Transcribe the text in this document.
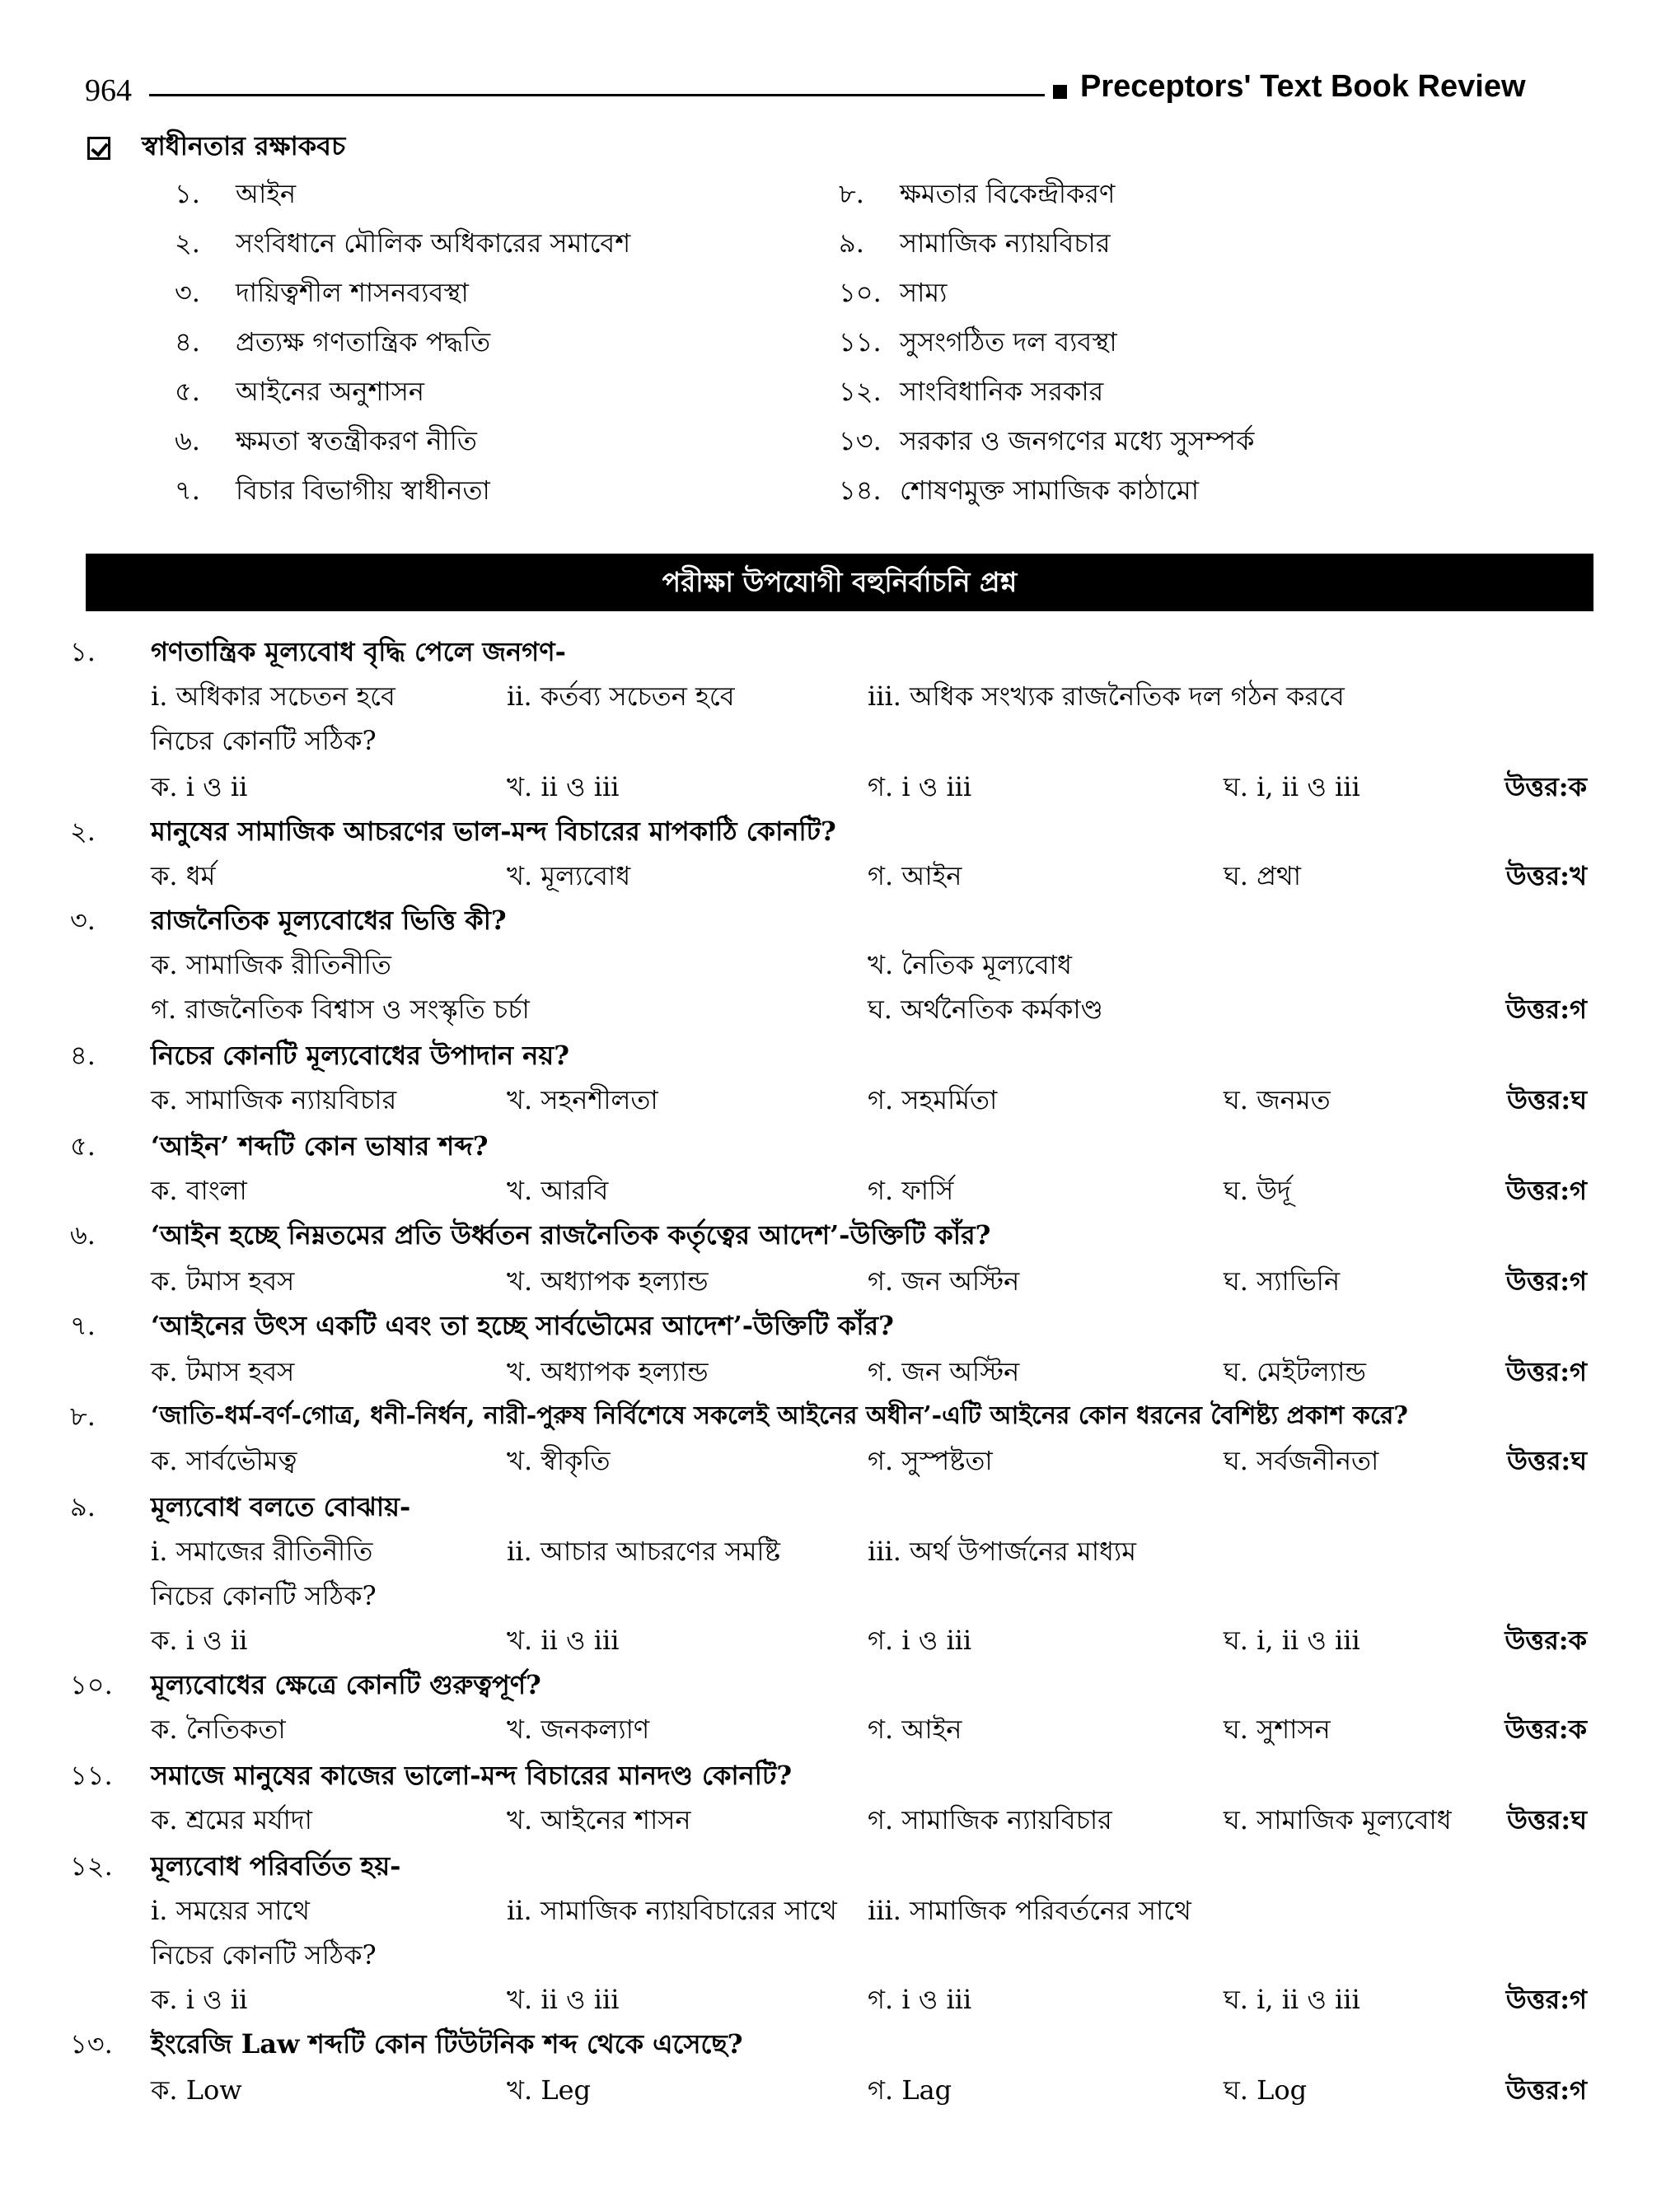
964	Preceptors' Text Book Review
স্বাধীনতার রক্ষাকবচ
১.	আইন
২.	সংবিধানে মৌলিক অধিকারের সমাবেশ
৩.	দায়িত্বশীল শাসনব্যবস্থা
৪.	প্রত্যক্ষ গণতান্ত্রিক পদ্ধতি
৫.	আইনের অনুশাসন
৬.	ক্ষমতা স্বতন্ত্রীকরণ নীতি
৭.	বিচার বিভাগীয় স্বাধীনতা
৮.	ক্ষমতার বিকেন্দ্রীকরণ
৯.	সামাজিক ন্যায়বিচার
১০. সাম্য
১১. সুসংগঠিত দল ব্যবস্থা
১২. সাংবিধানিক সরকার
১৩. সরকার ও জনগণের মধ্যে সুসম্পর্ক
১৪. শোষণমুক্ত সামাজিক কাঠামো
পরীক্ষা উপযোগী বহুনির্বাচনি প্রশ্ন
১. গণতান্ত্রিক মূল্যবোধ বৃদ্ধি পেলে জনগণ-
i. অধিকার সচেতন হবে	ii. কর্তব্য সচেতন হবে	iii. অধিক সংখ্যক রাজনৈতিক দল গঠন করবে
নিচের কোনটি সঠিক?
ক. i ও ii	খ. ii ও iii	গ. i ও iii	ঘ. i, ii ও iii	উত্তর:ক
২. মানুষের সামাজিক আচরণের ভাল-মন্দ বিচারের মাপকাঠি কোনটি?
ক. ধর্ম	খ. মূল্যবোধ	গ. আইন	ঘ. প্রথা	উত্তর:খ
৩. রাজনৈতিক মূল্যবোধের ভিত্তি কী?
ক. সামাজিক রীতিনীতি	খ. নৈতিক মূল্যবোধ
গ. রাজনৈতিক বিশ্বাস ও সংস্কৃতি চর্চা	ঘ. অর্থনৈতিক কর্মকাণ্ড	উত্তর:গ
৪. নিচের কোনটি মূল্যবোধের উপাদান নয়?
ক. সামাজিক ন্যায়বিচার	খ. সহনশীলতা	গ. সহমর্মিতা	ঘ. জনমত	উত্তর:ঘ
৫. ‘আইন’ শব্দটি কোন ভাষার শব্দ?
ক. বাংলা	খ. আরবি	গ. ফার্সি	ঘ. উর্দূ	উত্তর:গ
৬. ‘আইন হচ্ছে নিম্নতমের প্রতি উর্ধ্বতন রাজনৈতিক কর্তৃত্বের আদেশ’-উক্তিটি কাঁর?
ক. টমাস হবস	খ. অধ্যাপক হল্যান্ড	গ. জন অস্টিন	ঘ. স্যাভিনি	উত্তর:গ
৭. ‘আইনের উৎস একটি এবং তা হচ্ছে সার্বভৌমের আদেশ’-উক্তিটি কাঁর?
ক. টমাস হবস	খ. অধ্যাপক হল্যান্ড	গ. জন অস্টিন	ঘ. মেইটল্যান্ড	উত্তর:গ
৮. ‘জাতি-ধর্ম-বর্ণ-গোত্র, ধনী-নির্ধন, নারী-পুরুষ নির্বিশেষে সকলেই আইনের অধীন’-এটি আইনের কোন ধরনের বৈশিষ্ট্য প্রকাশ করে?
ক. সার্বভৌমত্ব	খ. স্বীকৃতি	গ. সুস্পষ্টতা	ঘ. সর্বজনীনতা	উত্তর:ঘ
৯. মূল্যবোধ বলতে বোঝায়-
i. সমাজের রীতিনীতি	ii. আচার আচরণের সমষ্টি	iii. অর্থ উপার্জনের মাধ্যম
নিচের কোনটি সঠিক?
ক. i ও ii	খ. ii ও iii	গ. i ও iii	ঘ. i, ii ও iii	উত্তর:ক
১০. মূল্যবোধের ক্ষেত্রে কোনটি গুরুত্বপূর্ণ?
ক. নৈতিকতা	খ. জনকল্যাণ	গ. আইন	ঘ. সুশাসন	উত্তর:ক
১১. সমাজে মানুষের কাজের ভালো-মন্দ বিচারের মানদণ্ড কোনটি?
ক. শ্রমের মর্যাদা	খ. আইনের শাসন	গ. সামাজিক ন্যায়বিচার	ঘ. সামাজিক মূল্যবোধ উত্তর:ঘ
১২. মূল্যবোধ পরিবর্তিত হয়-
i. সময়ের সাথে	ii. সামাজিক ন্যায়বিচারের সাথে iii. সামাজিক পরিবর্তনের সাথে
নিচের কোনটি সঠিক?
ক. i ও ii	খ. ii ও iii	গ. i ও iii	ঘ. i, ii ও iii	উত্তর:গ
১৩. ইংরেজি Law শব্দটি কোন টিউটনিক শব্দ থেকে এসেছে?
ক. Low	খ. Leg	গ. Lag	ঘ. Log	উত্তর:গ
